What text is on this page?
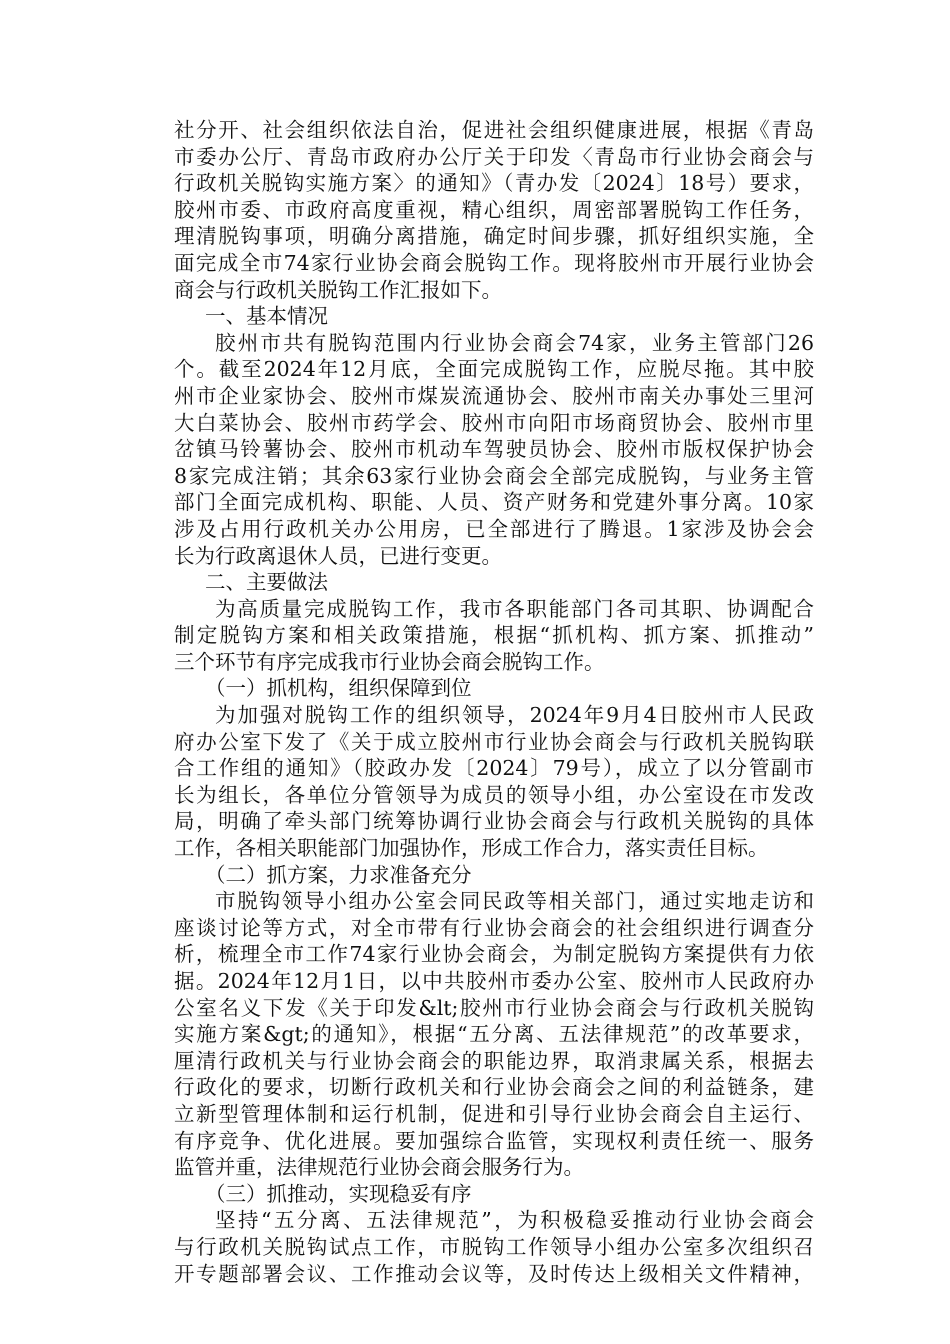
社分开、社会组织依法自治，促进社会组织健康进展，根据《青岛
市委办公厅、青岛市政府办公厅关于印发〈青岛市行业协会商会与
行政机关脱钩实施方案〉的通知》（青办发〔2024〕18号）要求，
胶州市委、市政府高度重视，精心组织，周密部署脱钩工作任务，
理清脱钩事项，明确分离措施，确定时间步骤，抓好组织实施，全
面完成全市74家行业协会商会脱钩工作。现将胶州市开展行业协会
商会与行政机关脱钩工作汇报如下。
一、基本情况
胶州市共有脱钩范围内行业协会商会74家，业务主管部门26
个。截至2024年12月底，全面完成脱钩工作，应脱尽拖。其中胶
州市企业家协会、胶州市煤炭流通协会、胶州市南关办事处三里河
大白菜协会、胶州市药学会、胶州市向阳市场商贸协会、胶州市里
岔镇马铃薯协会、胶州市机动车驾驶员协会、胶州市版权保护协会
8家完成注销；其余63家行业协会商会全部完成脱钩，与业务主管
部门全面完成机构、职能、人员、资产财务和党建外事分离。10家
涉及占用行政机关办公用房，已全部进行了腾退。1家涉及协会会
长为行政离退休人员，已进行变更。
二、主要做法
为高质量完成脱钩工作，我市各职能部门各司其职、协调配合
制定脱钩方案和相关政策措施，根据“抓机构、抓方案、抓推动”
三个环节有序完成我市行业协会商会脱钩工作。
（一）抓机构，组织保障到位
为加强对脱钩工作的组织领导，2024年9月4日胶州市人民政
府办公室下发了《关于成立胶州市行业协会商会与行政机关脱钩联
合工作组的通知》（胶政办发〔2024〕79号），成立了以分管副市
长为组长，各单位分管领导为成员的领导小组，办公室设在市发改
局，明确了牵头部门统筹协调行业协会商会与行政机关脱钩的具体
工作，各相关职能部门加强协作，形成工作合力，落实责任目标。
（二）抓方案，力求准备充分
市脱钩领导小组办公室会同民政等相关部门，通过实地走访和
座谈讨论等方式，对全市带有行业协会商会的社会组织进行调查分
析，梳理全市工作74家行业协会商会，为制定脱钩方案提供有力依
据。2024年12月1日，以中共胶州市委办公室、胶州市人民政府办
公室名义下发《关于印发&lt;胶州市行业协会商会与行政机关脱钩
实施方案&gt;的通知》，根据“五分离、五法律规范”的改革要求，
厘清行政机关与行业协会商会的职能边界，取消隶属关系，根据去
行政化的要求，切断行政机关和行业协会商会之间的利益链条，建
立新型管理体制和运行机制，促进和引导行业协会商会自主运行、
有序竞争、优化进展。要加强综合监管，实现权利责任统一、服务
监管并重，法律规范行业协会商会服务行为。
（三）抓推动，实现稳妥有序
坚持“五分离、五法律规范”，为积极稳妥推动行业协会商会
与行政机关脱钩试点工作，市脱钩工作领导小组办公室多次组织召
开专题部署会议、工作推动会议等，及时传达上级相关文件精神，
